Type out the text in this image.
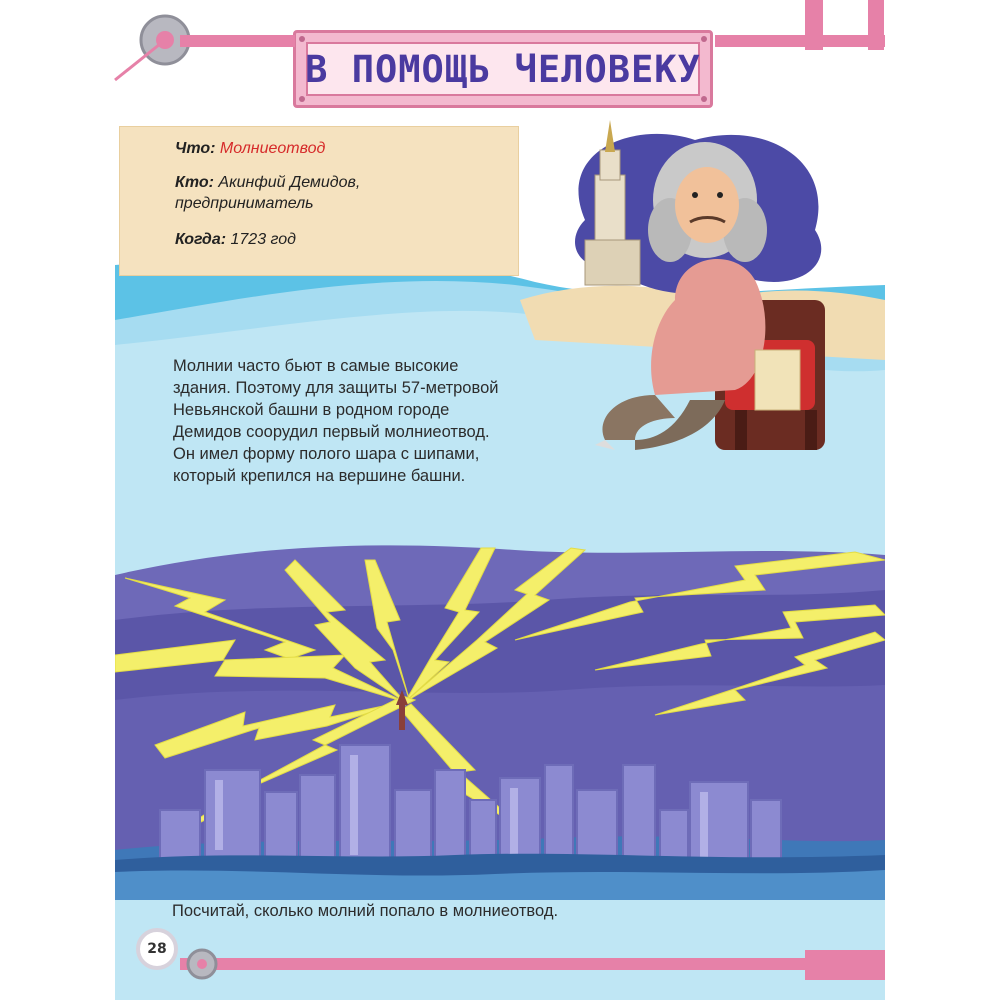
Что: Молниеотвод
Кто: Акинфий Демидов,
предприниматель
Когда: 1723 год
Молнии часто бьют в самые высокие
здания. Поэтому для защиты 57-метровой
Невьянской башни в родном городе
Демидов соорудил первый молниеотвод.
Он имел форму полого шара с шипами,
который крепился на вершине башни.
Посчитай, сколько молний попало в молниеотвод.
В ПОМОЩЬ ЧЕЛОВЕКУ
28
